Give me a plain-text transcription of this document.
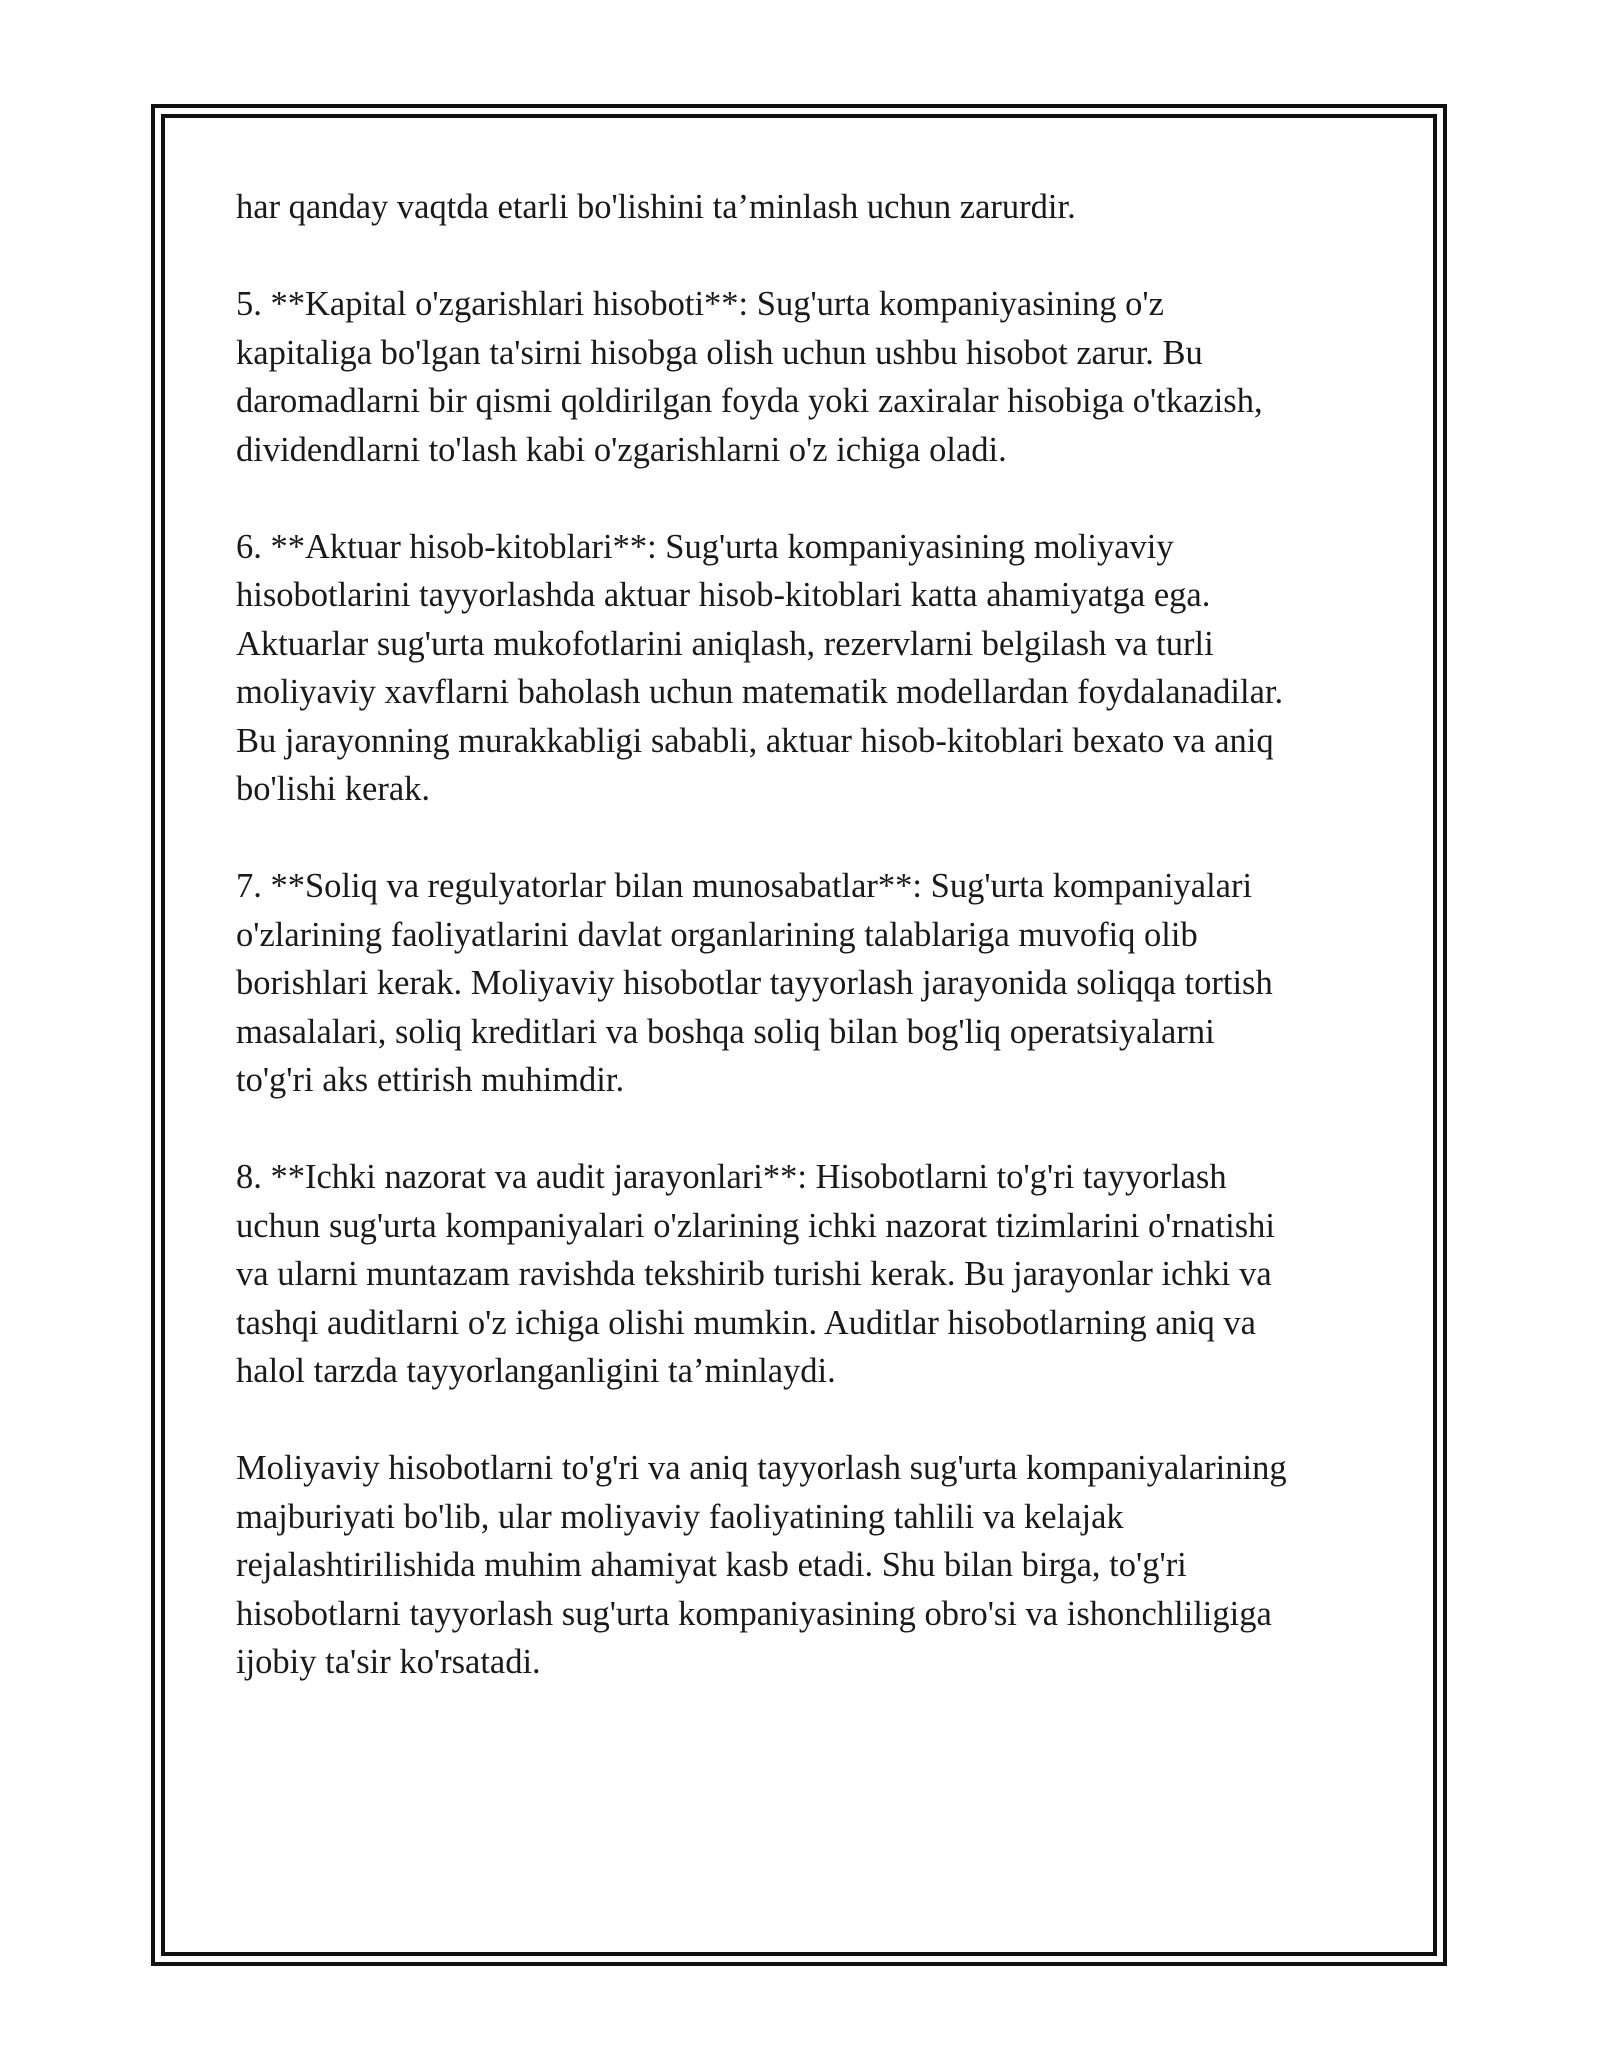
har qanday vaqtda etarli bo'lishini ta’minlash uchun zarurdir.

5. **Kapital o'zgarishlari hisoboti**: Sug'urta kompaniyasining o'z
kapitaliga bo'lgan ta'sirni hisobga olish uchun ushbu hisobot zarur. Bu
daromadlarni bir qismi qoldirilgan foyda yoki zaxiralar hisobiga o'tkazish,
dividendlarni to'lash kabi o'zgarishlarni o'z ichiga oladi.

6. **Aktuar hisob-kitoblari**: Sug'urta kompaniyasining moliyaviy
hisobotlarini tayyorlashda aktuar hisob-kitoblari katta ahamiyatga ega.
Aktuarlar sug'urta mukofotlarini aniqlash, rezervlarni belgilash va turli
moliyaviy xavflarni baholash uchun matematik modellardan foydalanadilar.
Bu jarayonning murakkabligi sababli, aktuar hisob-kitoblari bexato va aniq
bo'lishi kerak.

7. **Soliq va regulyatorlar bilan munosabatlar**: Sug'urta kompaniyalari
o'zlarining faoliyatlarini davlat organlarining talablariga muvofiq olib
borishlari kerak. Moliyaviy hisobotlar tayyorlash jarayonida soliqqa tortish
masalalari, soliq kreditlari va boshqa soliq bilan bog'liq operatsiyalarni
to'g'ri aks ettirish muhimdir.

8. **Ichki nazorat va audit jarayonlari**: Hisobotlarni to'g'ri tayyorlash
uchun sug'urta kompaniyalari o'zlarining ichki nazorat tizimlarini o'rnatishi
va ularni muntazam ravishda tekshirib turishi kerak. Bu jarayonlar ichki va
tashqi auditlarni o'z ichiga olishi mumkin. Auditlar hisobotlarning aniq va
halol tarzda tayyorlanganligini ta’minlaydi.

Moliyaviy hisobotlarni to'g'ri va aniq tayyorlash sug'urta kompaniyalarining
majburiyati bo'lib, ular moliyaviy faoliyatining tahlili va kelajak
rejalashtirilishida muhim ahamiyat kasb etadi. Shu bilan birga, to'g'ri
hisobotlarni tayyorlash sug'urta kompaniyasining obro'si va ishonchliligiga
ijobiy ta'sir ko'rsatadi.
